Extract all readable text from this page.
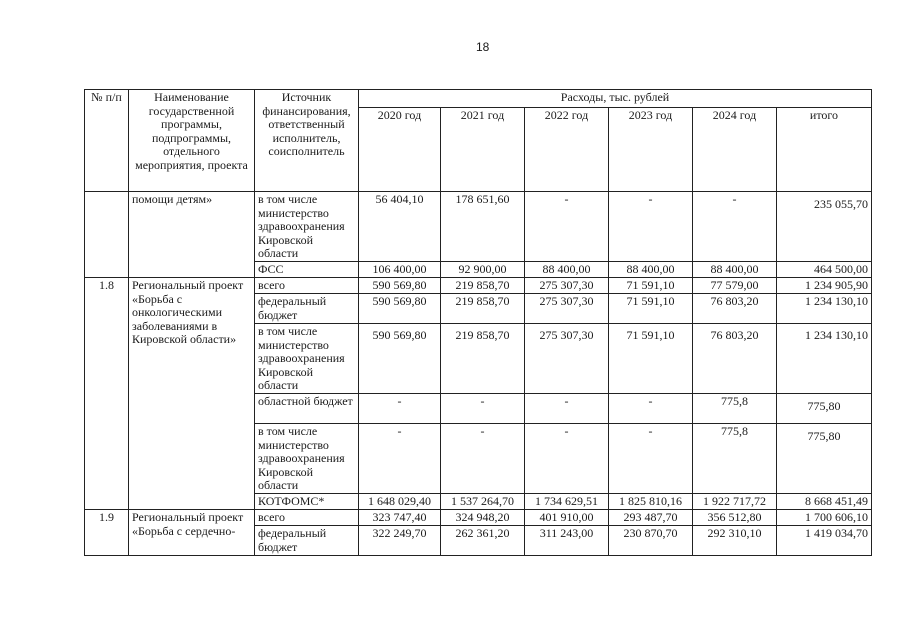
18
№ п/п	Наименование государственной программы, подпрограммы, отдельного мероприятия, проекта	Источник финансирования, ответственный исполнитель, соисполнитель	Расходы, тыс. рублей					
			2020 год	2021 год	2022 год	2023 год	2024 год	итого
	помощи детям»	в том числе министерство здравоохранения Кировской области	56 404,10	178 651,60	-	-	-	235 055,70
		ФСС	106 400,00	92 900,00	88 400,00	88 400,00	88 400,00	464 500,00
1.8	Региональный проект «Борьба с онкологическими заболеваниями в Кировской области»	всего	590 569,80	219 858,70	275 307,30	71 591,10	77 579,00	1 234 905,90
		федеральный бюджет	590 569,80	219 858,70	275 307,30	71 591,10	76 803,20	1 234 130,10
		в том числе министерство здравоохранения Кировской области	590 569,80	219 858,70	275 307,30	71 591,10	76 803,20	1 234 130,10
		областной бюджет	-	-	-	-	775,8	775,80
		в том числе министерство здравоохранения Кировской области	-	-	-	-	775,8	775,80
		КОТФОМС*	1 648 029,40	1 537 264,70	1 734 629,51	1 825 810,16	1 922 717,72	8 668 451,49
1.9	Региональный проект «Борьба с сердечно-	всего	323 747,40	324 948,20	401 910,00	293 487,70	356 512,80	1 700 606,10
		федеральный бюджет	322 249,70	262 361,20	311 243,00	230 870,70	292 310,10	1 419 034,70
